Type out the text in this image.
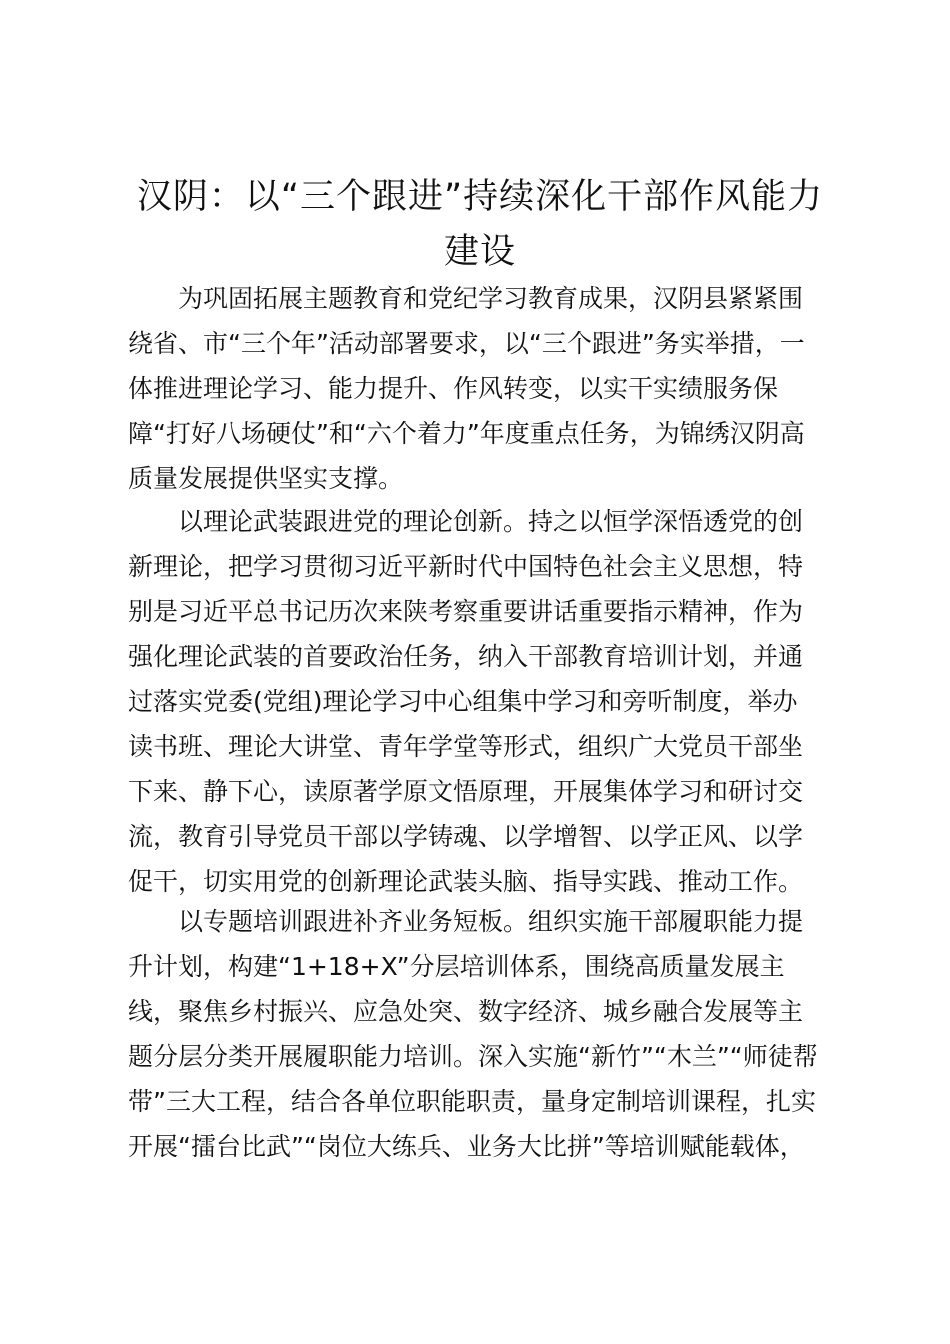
汉阴：以“三个跟进”持续深化干部作风能力
建设

为巩固拓展主题教育和党纪学习教育成果，汉阴县紧紧围
绕省、市“三个年”活动部署要求，以“三个跟进”务实举措，一
体推进理论学习、能力提升、作风转变，以实干实绩服务保
障“打好八场硬仗”和“六个着力”年度重点任务，为锦绣汉阴高
质量发展提供坚实支撑。

以理论武装跟进党的理论创新。持之以恒学深悟透党的创
新理论，把学习贯彻习近平新时代中国特色社会主义思想，特
别是习近平总书记历次来陕考察重要讲话重要指示精神，作为
强化理论武装的首要政治任务，纳入干部教育培训计划，并通
过落实党委(党组)理论学习中心组集中学习和旁听制度，举办
读书班、理论大讲堂、青年学堂等形式，组织广大党员干部坐
下来、静下心，读原著学原文悟原理，开展集体学习和研讨交
流，教育引导党员干部以学铸魂、以学增智、以学正风、以学
促干，切实用党的创新理论武装头脑、指导实践、推动工作。

以专题培训跟进补齐业务短板。组织实施干部履职能力提
升计划，构建“1+18+X”分层培训体系，围绕高质量发展主
线，聚焦乡村振兴、应急处突、数字经济、城乡融合发展等主
题分层分类开展履职能力培训。深入实施“新竹”“木兰”“师徒帮
带”三大工程，结合各单位职能职责，量身定制培训课程，扎实
开展“擂台比武”“岗位大练兵、业务大比拼”等培训赋能载体，
